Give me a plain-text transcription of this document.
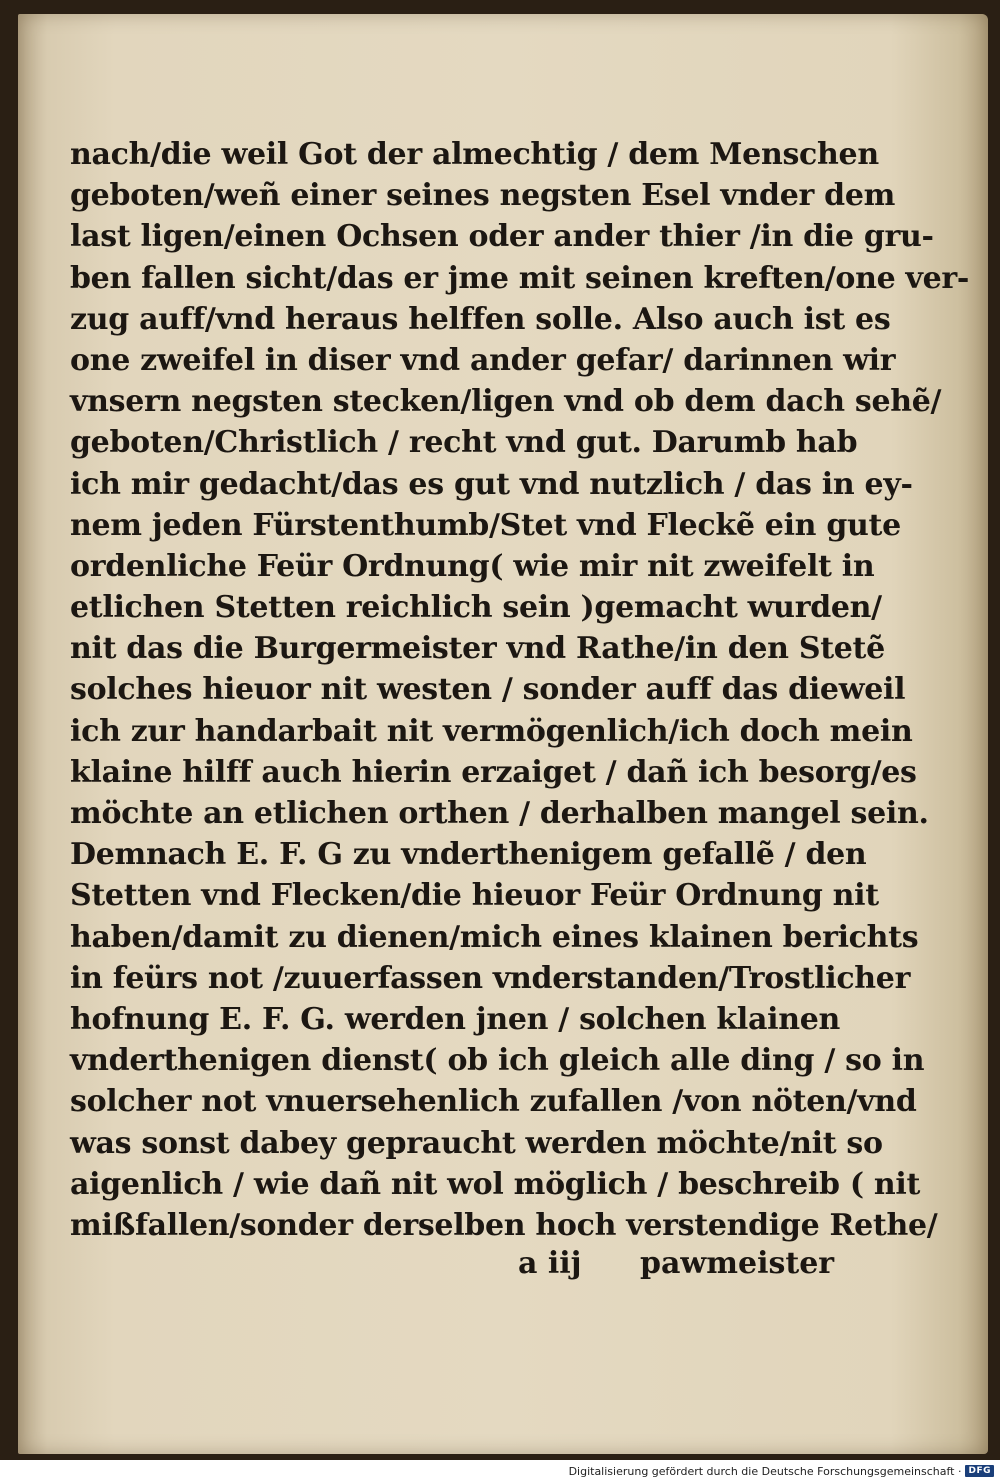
nach/die weil Got der almechtig / dem Menschen
geboten/weñ einer seines negsten Esel vnder dem
last ligen/einen Ochsen oder ander thier /in die gru-
ben fallen sicht/das er jme mit seinen kreften/one ver-
zug auff/vnd heraus helffen solle. Also auch ist es
one zweifel in diser vnd ander gefar/ darinnen wir
vnsern negsten stecken/ligen vnd ob dem dach sehẽ/
geboten/Christlich / recht vnd gut. Darumb hab
ich mir gedacht/das es gut vnd nutzlich / das in ey-
nem jeden Fürstenthumb/Stet vnd Fleckẽ ein gute
ordenliche Feür Ordnung( wie mir nit zweifelt in
etlichen Stetten reichlich sein )gemacht wurden/
nit das die Burgermeister vnd Rathe/in den Stetẽ
solches hieuor nit westen / sonder auff das dieweil
ich zur handarbait nit vermögenlich/ich doch mein
klaine hilff auch hierin erzaiget / dañ ich besorg/es
möchte an etlichen orthen / derhalben mangel sein.
Demnach E. F. G zu vnderthenigem gefallẽ / den
Stetten vnd Flecken/die hieuor Feür Ordnung nit
haben/damit zu dienen/mich eines klainen berichts
in feürs not /zuuerfassen vnderstanden/Trostlicher
hofnung E. F. G. werden jnen / solchen klainen
vnderthenigen dienst( ob ich gleich alle ding / so in
solcher not vnuersehenlich zufallen /von nöten/vnd
was sonst dabey gepraucht werden möchte/nit so
aigenlich / wie dañ nit wol möglich / beschreib ( nit
mißfallen/sonder derselben hoch verstendige Rethe/
a iij pawmeister
Digitalisierung gefördert durch die Deutsche Forschungsgemeinschaft · DFG
